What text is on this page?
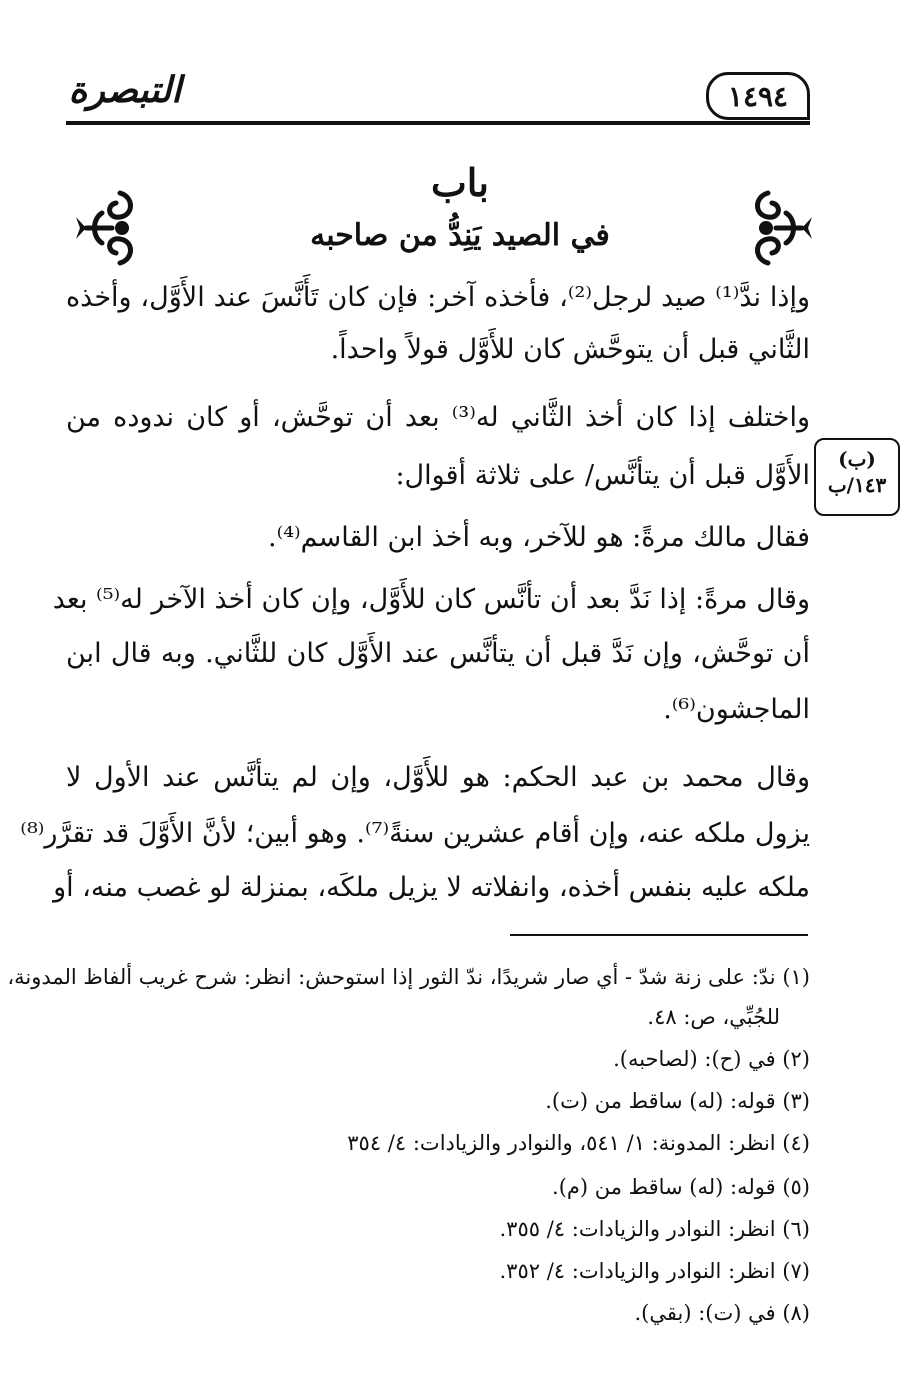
١٤٩٤
التبصرة
باب
في الصيد يَنِدُّ من صاحبه
(ب)
١٤٣/ب
وإذا ندَّ⁽¹⁾ صيد لرجل⁽²⁾، فأخذه آخر: فإن كان تَأَنَّسَ عند الأَوَّل، وأخذه
الثَّاني قبل أن يتوحَّش كان للأَوَّل قولاً واحداً.
واختلف إذا كان أخذ الثَّاني له⁽³⁾ بعد أن توحَّش، أو كان ندوده من
الأَوَّل قبل أن يتأنَّس/ على ثلاثة أقوال:
فقال مالك مرةً: هو للآخر، وبه أخذ ابن القاسم⁽⁴⁾.
وقال مرةً: إذا نَدَّ بعد أن تأنَّس كان للأَوَّل، وإن كان أخذ الآخر له⁽⁵⁾ بعد
أن توحَّش، وإن نَدَّ قبل أن يتأنَّس عند الأَوَّل كان للثَّاني. وبه قال ابن
الماجشون⁽⁶⁾.
وقال محمد بن عبد الحكم: هو للأَوَّل، وإن لم يتأنَّس عند الأول لا
يزول ملكه عنه، وإن أقام عشرين سنةً⁽⁷⁾. وهو أبين؛ لأنَّ الأَوَّلَ قد تقرَّر⁽⁸⁾
ملكه عليه بنفس أخذه، وانفلاته لا يزيل ملكَه، بمنزلة لو غصب منه، أو
(١) ندّ: على زنة شدّ - أي صار شريدًا، ندّ الثور إذا استوحش: انظر: شرح غريب ألفاظ المدونة،
للجُبِّي، ص: ٤٨.
(٢) في (ح): (لصاحبه).
(٣) قوله: (له) ساقط من (ت).
(٤) انظر: المدونة: ١/ ٥٤١، والنوادر والزيادات: ٤/ ٣٥٤
(٥) قوله: (له) ساقط من (م).
(٦) انظر: النوادر والزيادات: ٤/ ٣٥٥.
(٧) انظر: النوادر والزيادات: ٤/ ٣٥٢.
(٨) في (ت): (بقي).
